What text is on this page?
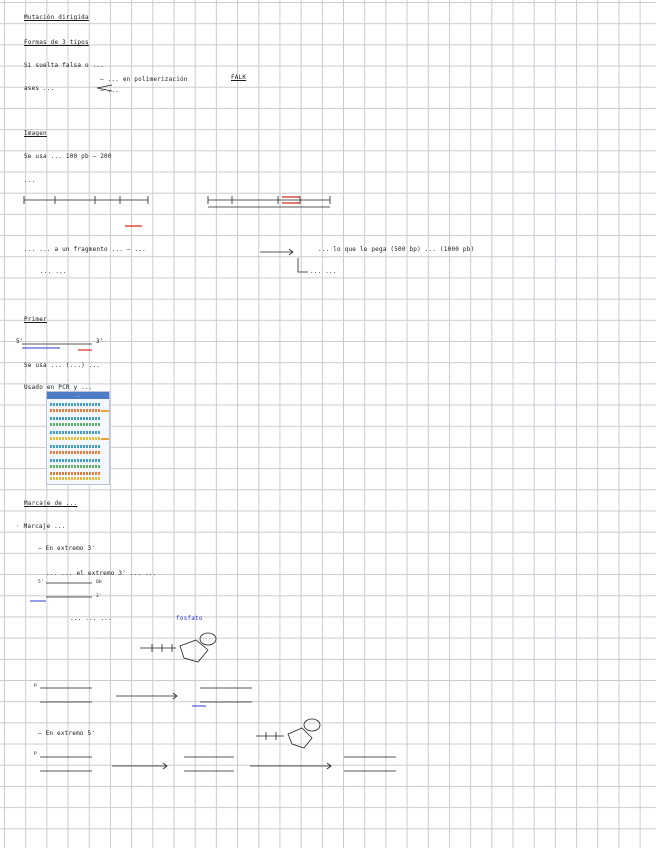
Mutación dirigida
Formas de 3 tipos
Si suelta falsa o ...
ases ...
— ... en polimerización
— ...
FALK
Imagen
Se usa ... 100 pb — 200
...
... ... a un fragmento ... — ...	... lo que le pega (500 bp) ... (1000 pb)
... ...	... ...
Primer
5'	3'
Se usa ... (...) ...
Usado en PCR y ...
...
Marcaje de ...
· Marcaje ...
— En extremo 3'
... ... el extremo 3' ... ...
... ... ...	fosfato
— En extremo 5'
5'	OH
3'
P
P
